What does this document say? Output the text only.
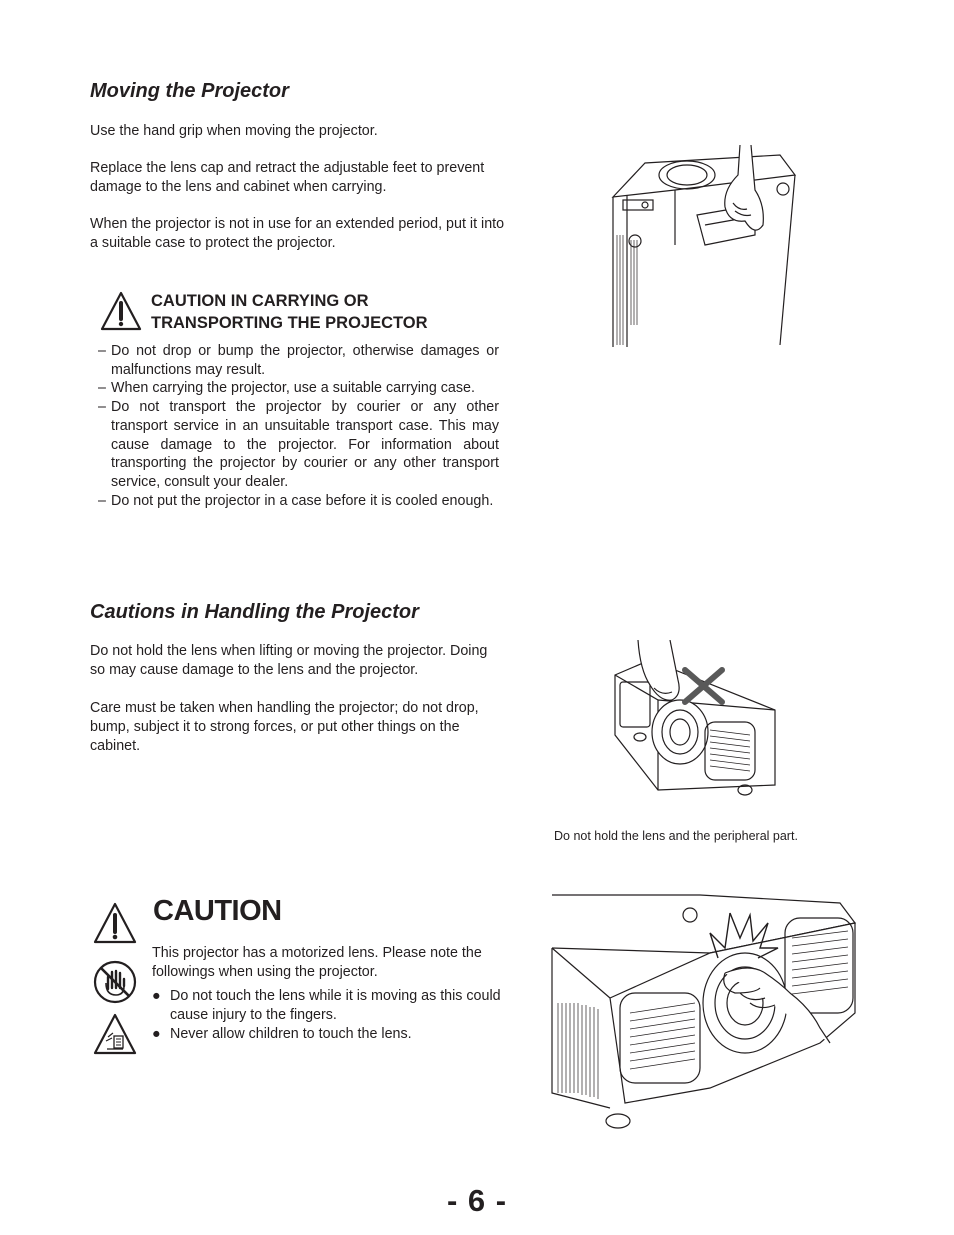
Moving the Projector
Use the hand grip when moving the projector.
Replace the lens cap and retract the adjustable feet to prevent damage to the lens and cabinet when carrying.
When the projector is not in use for an extended period, put it into a suitable case to protect the projector.
CAUTION IN CARRYING OR
TRANSPORTING THE PROJECTOR
– Do not drop or bump the projector, otherwise damages or malfunctions may result.
– When carrying the projector, use a suitable carrying case.
– Do not transport the projector by courier or any other transport service in an unsuitable transport case. This may cause damage to the projector. For information about transporting the projector by courier or any other transport service, consult your dealer.
– Do not put the projector in a case before it is cooled enough.
Cautions in Handling the Projector
Do not hold the lens when lifting or moving the projector. Doing so may cause damage to the lens and the projector.
Care must be taken when handling the projector; do not drop, bump, subject it to strong forces, or put other things on the cabinet.
Do not hold the lens and the peripheral part.
CAUTION
This projector has a motorized lens. Please note the followings when using the projector.
● Do not touch the lens while it is moving as this could cause injury to the fingers.
● Never allow children to touch the lens.
- 6 -
